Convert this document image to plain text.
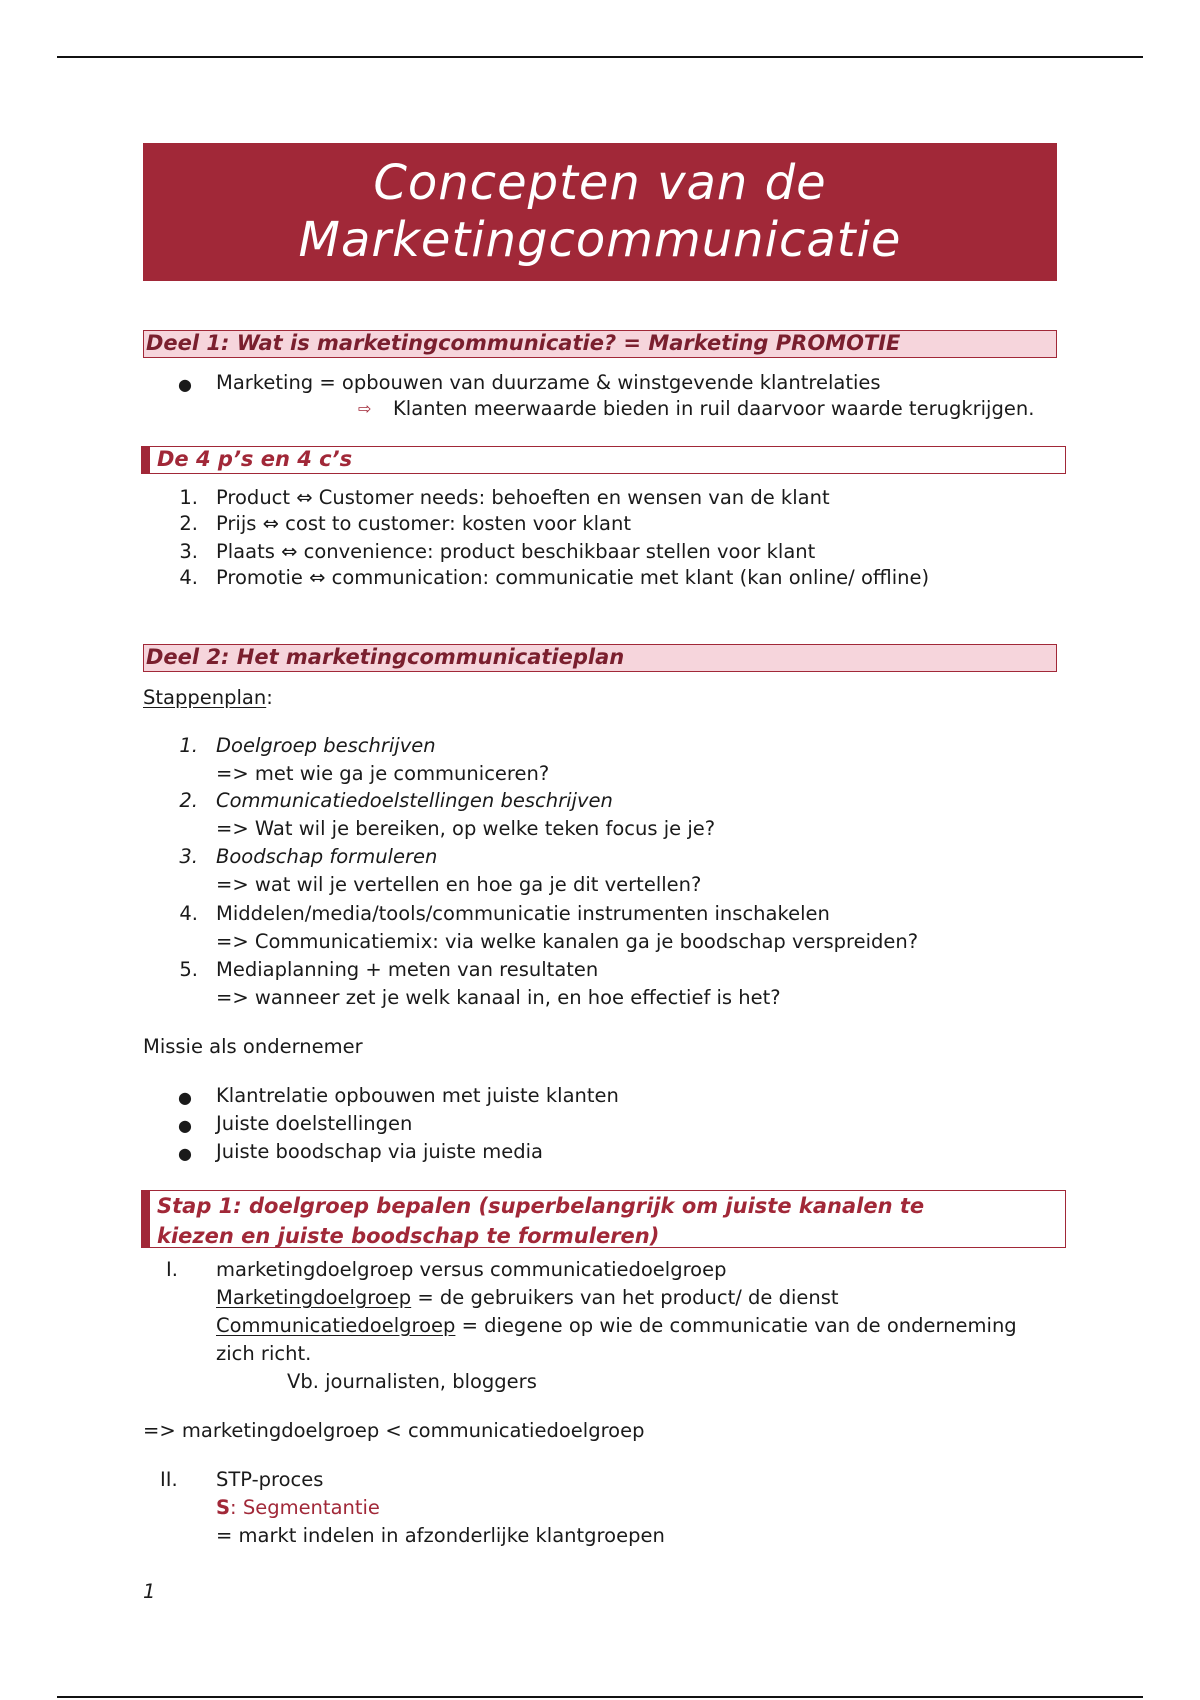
Concepten van de
Marketingcommunicatie
Deel 1: Wat is marketingcommunicatie? = Marketing PROMOTIE
● Marketing = opbouwen van duurzame & winstgevende klantrelaties
⇨ Klanten meerwaarde bieden in ruil daarvoor waarde terugkrijgen.
De 4 p’s en 4 c’s
1. Product ⇔ Customer needs: behoeften en wensen van de klant
2. Prijs ⇔ cost to customer: kosten voor klant
3. Plaats ⇔ convenience: product beschikbaar stellen voor klant
4. Promotie ⇔ communication: communicatie met klant (kan online/ offline)
Deel 2: Het marketingcommunicatieplan
Stappenplan:
1. Doelgroep beschrijven
=> met wie ga je communiceren?
2. Communicatiedoelstellingen beschrijven
=> Wat wil je bereiken, op welke teken focus je je?
3. Boodschap formuleren
=> wat wil je vertellen en hoe ga je dit vertellen?
4. Middelen/media/tools/communicatie instrumenten inschakelen
=> Communicatiemix: via welke kanalen ga je boodschap verspreiden?
5. Mediaplanning + meten van resultaten
=> wanneer zet je welk kanaal in, en hoe effectief is het?
Missie als ondernemer
● Klantrelatie opbouwen met juiste klanten
● Juiste doelstellingen
● Juiste boodschap via juiste media
Stap 1: doelgroep bepalen (superbelangrijk om juiste kanalen te
kiezen en juiste boodschap te formuleren)
I. marketingdoelgroep versus communicatiedoelgroep
Marketingdoelgroep = de gebruikers van het product/ de dienst
Communicatiedoelgroep = diegene op wie de communicatie van de onderneming
zich richt.
Vb. journalisten, bloggers
=> marketingdoelgroep < communicatiedoelgroep
II. STP-proces
S: Segmentantie
= markt indelen in afzonderlijke klantgroepen
1
